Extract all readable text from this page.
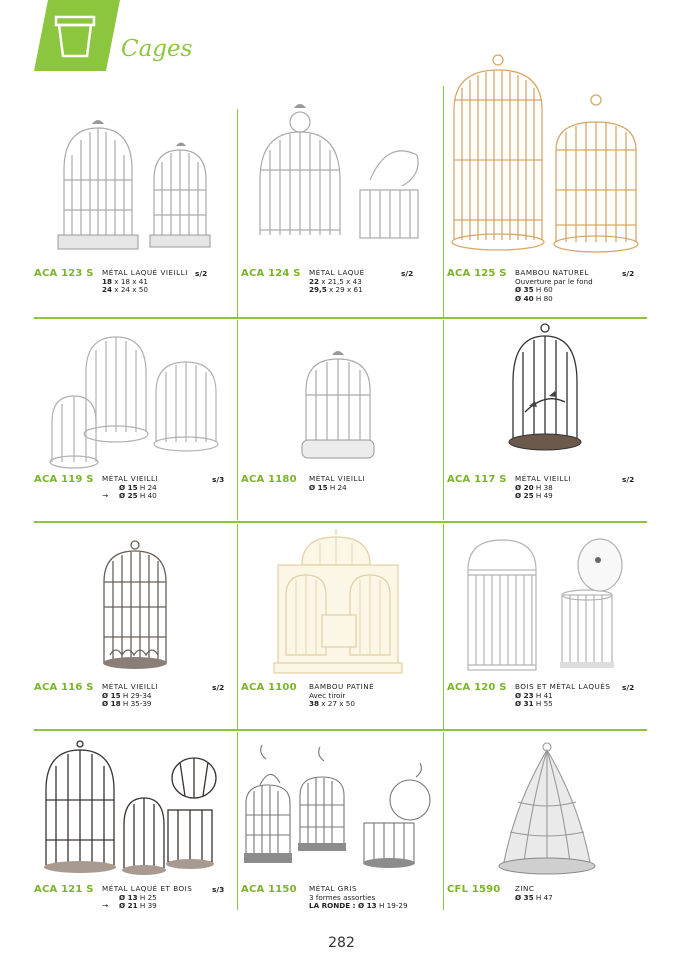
Cages
ACA 123 S MÉTAL LAQUÉ VIEILLI
18 x 18 x 41
24 x 24 x 50
s/2	ACA 124 S MÉTAL LAQUÉ
22 x 21,5 x 43
29,5 x 29 x 61
s/2	ACA 125 S BAMBOU NATUREL
Ouverture par le fond
Ø 35 H 60
Ø 40 H 80
s/2
ACA 119 S MÉTAL VIEILLI
Ø 15 H 24
Ø 25 H 40
→
s/3 ACA 1180 MÉTAL VIEILLI
Ø 15 H 24
ACA 117 S MÉTAL VIEILLI
Ø 20 H 38
Ø 25 H 49
s/2
ACA 116 S MÉTAL VIEILLI
Ø 15 H 29-34
Ø 18 H 35-39
s/2 ACA 1100 BAMBOU PATINÉ
Avec tiroir
38 x 27 x 50
ACA 120 S BOIS ET MÉTAL LAQUÉS
Ø 23 H 41
Ø 31 H 55
s/2
ACA 121 S MÉTAL LAQUÉ ET BOIS
Ø 13 H 25
Ø 21 H 39
→
s/3 ACA 1150 MÉTAL GRIS
3 formes assorties
LA RONDE : Ø 13 H 19-29
CFL 1590 ZINC
Ø 35 H 47
282
